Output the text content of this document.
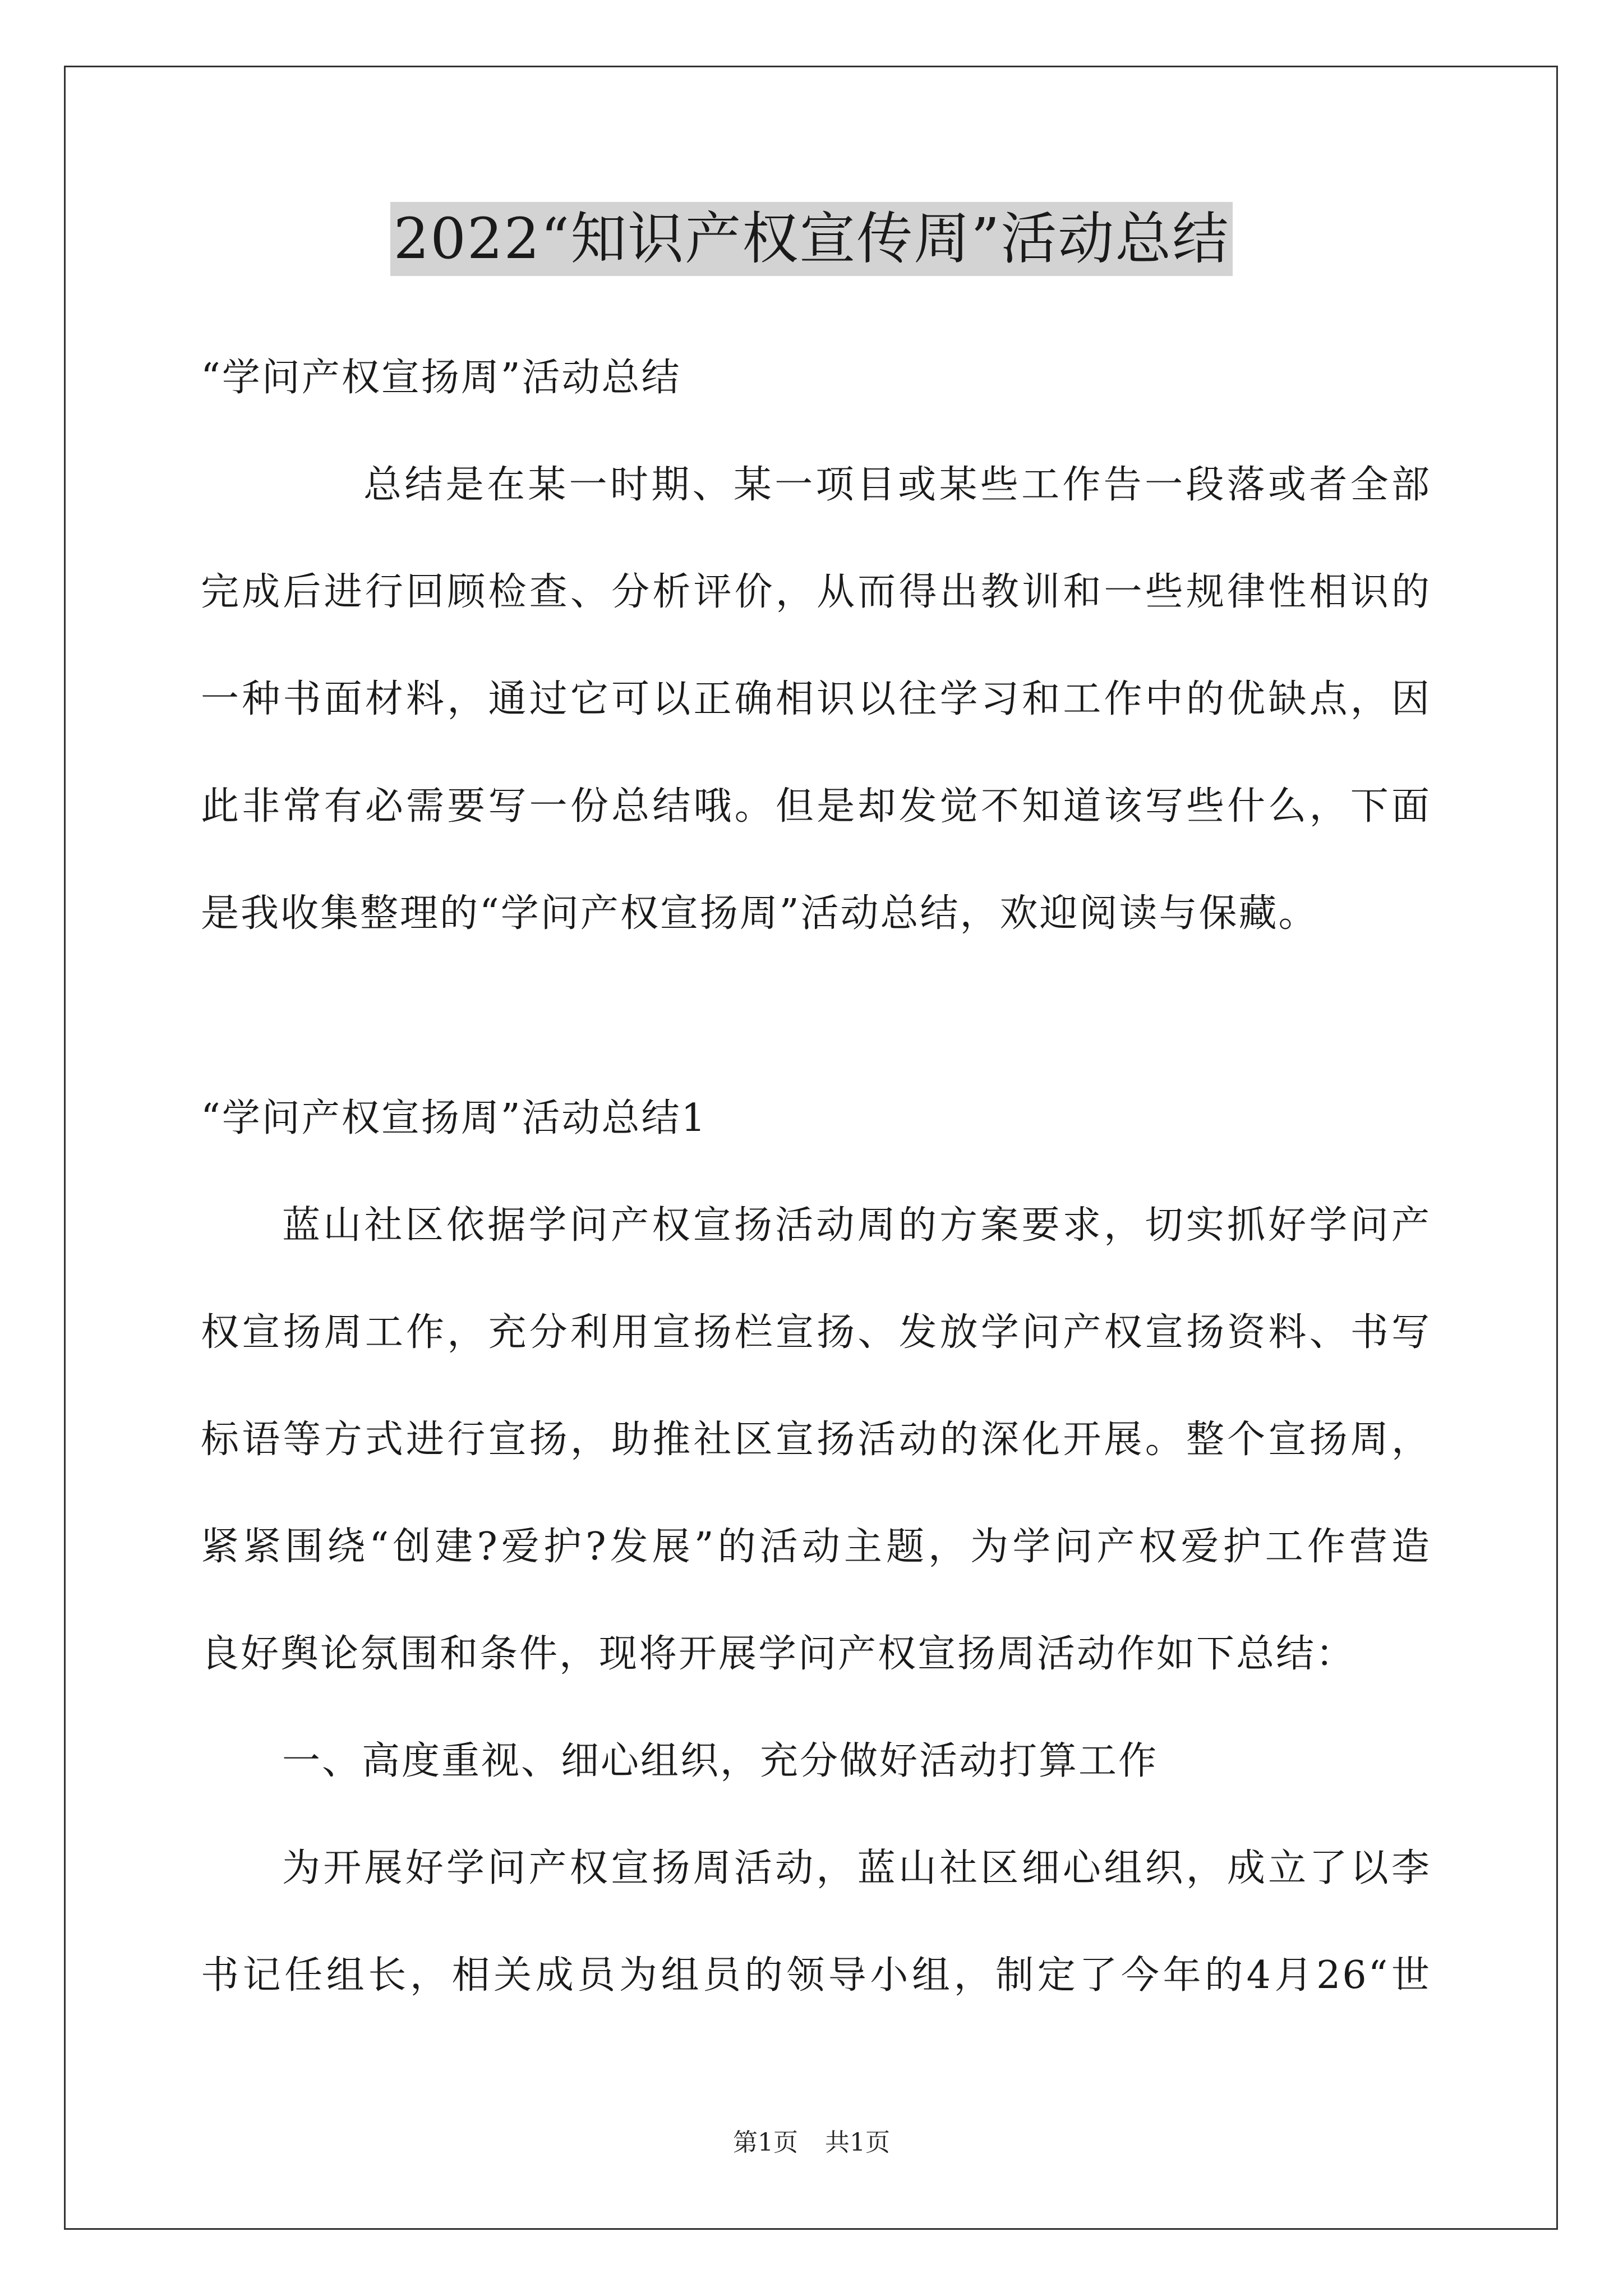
2022“知识产权宣传周”活动总结
“学问产权宣扬周”活动总结
总结是在某一时期、某一项目或某些工作告一段落或者全部
完成后进行回顾检查、分析评价，从而得出教训和一些规律性相识的
一种书面材料，通过它可以正确相识以往学习和工作中的优缺点，因
此非常有必需要写一份总结哦。但是却发觉不知道该写些什么，下面
是我收集整理的“学问产权宣扬周”活动总结，欢迎阅读与保藏。
“学问产权宣扬周”活动总结1
蓝山社区依据学问产权宣扬活动周的方案要求，切实抓好学问产
权宣扬周工作，充分利用宣扬栏宣扬、发放学问产权宣扬资料、书写
标语等方式进行宣扬，助推社区宣扬活动的深化开展。整个宣扬周，
紧紧围绕“创建?爱护?发展”的活动主题，为学问产权爱护工作营造
良好舆论氛围和条件，现将开展学问产权宣扬周活动作如下总结：
一、高度重视、细心组织，充分做好活动打算工作
为开展好学问产权宣扬周活动，蓝山社区细心组织，成立了以李
书记任组长，相关成员为组员的领导小组，制定了今年的4月26“世
第1页 共1页
